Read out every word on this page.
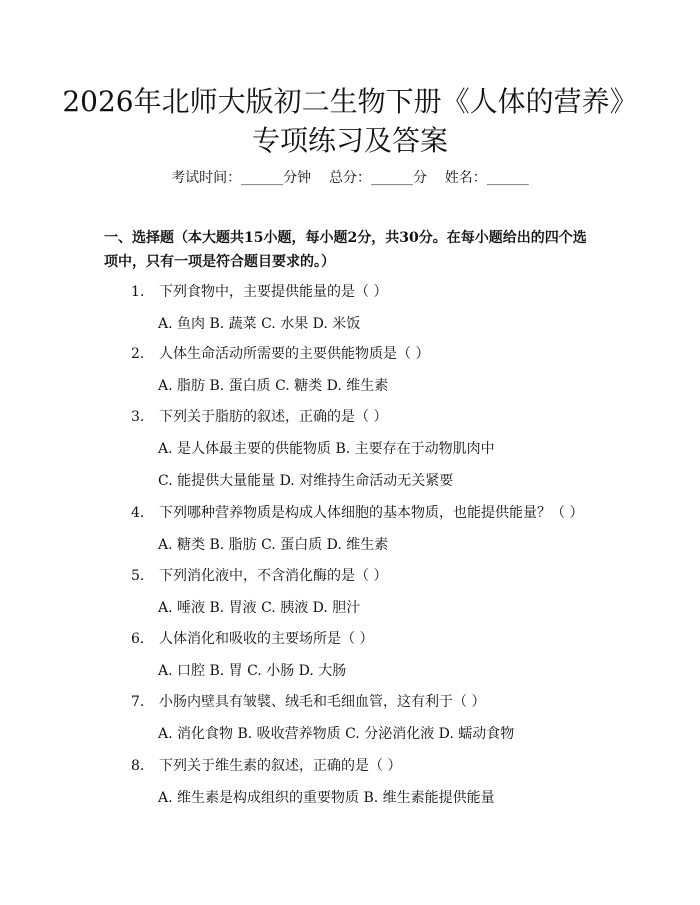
2026年北师大版初二生物下册《人体的营养》专项练习及答案
考试时间：______分钟    总分：______分    姓名：______

一、选择题（本大题共15小题，每小题2分，共30分。在每小题给出的四个选项中，只有一项是符合题目要求的。）

1. 下列食物中，主要提供能量的是（ ）
A. 鱼肉 B. 蔬菜 C. 水果 D. 米饭
2. 人体生命活动所需要的主要供能物质是（ ）
A. 脂肪 B. 蛋白质 C. 糖类 D. 维生素
3. 下列关于脂肪的叙述，正确的是（ ）
A. 是人体最主要的供能物质 B. 主要存在于动物肌肉中
C. 能提供大量能量 D. 对维持生命活动无关紧要
4. 下列哪种营养物质是构成人体细胞的基本物质，也能提供能量？（ ）
A. 糖类 B. 脂肪 C. 蛋白质 D. 维生素
5. 下列消化液中，不含消化酶的是（ ）
A. 唾液 B. 胃液 C. 胰液 D. 胆汁
6. 人体消化和吸收的主要场所是（ ）
A. 口腔 B. 胃 C. 小肠 D. 大肠
7. 小肠内壁具有皱襞、绒毛和毛细血管，这有利于（ ）
A. 消化食物 B. 吸收营养物质 C. 分泌消化液 D. 蠕动食物
8. 下列关于维生素的叙述，正确的是（ ）
A. 维生素是构成组织的重要物质 B. 维生素能提供能量
